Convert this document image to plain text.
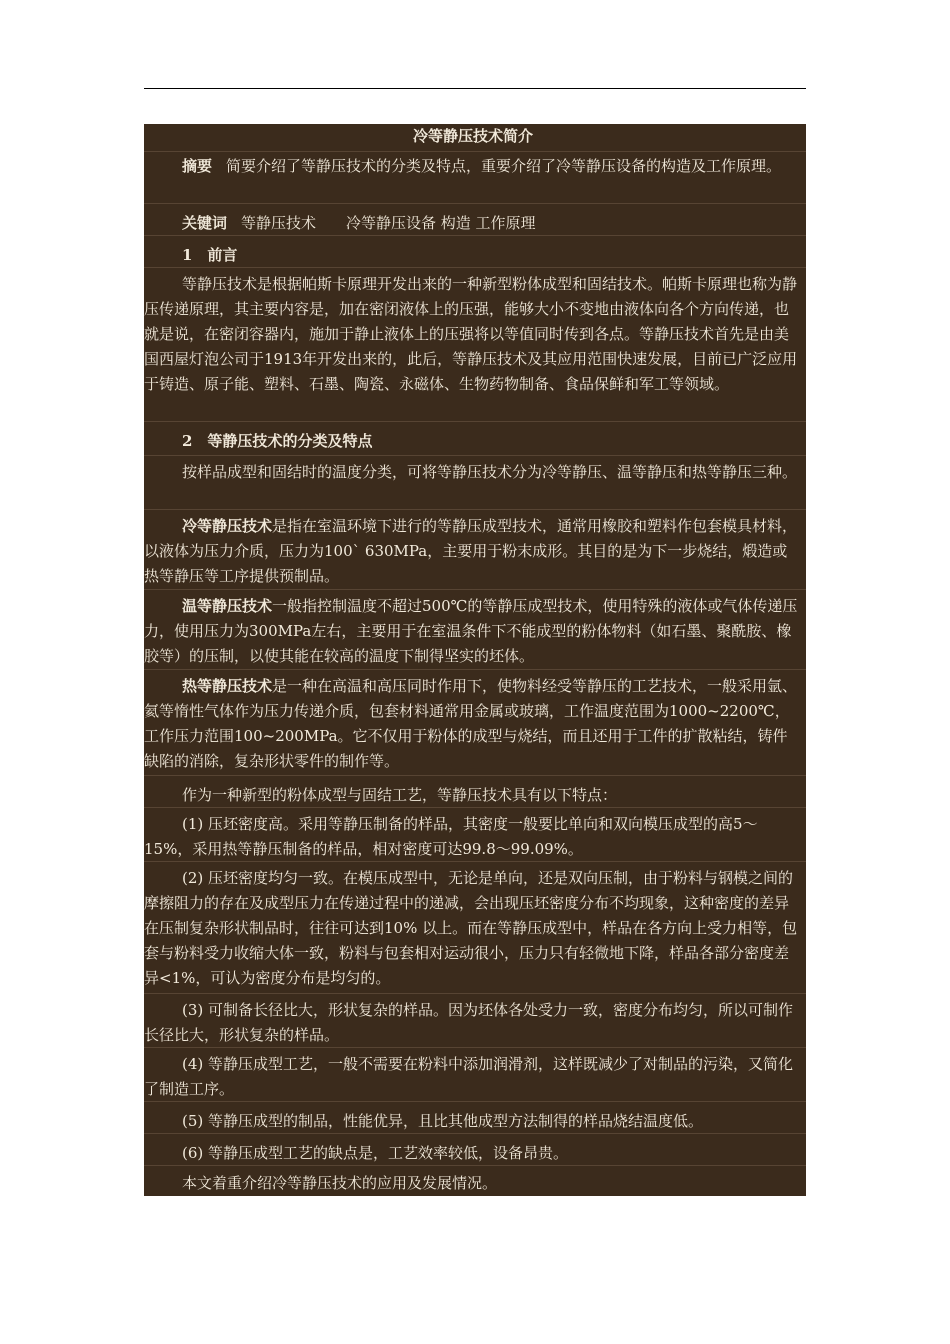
冷等静压技术简介

摘要 简要介绍了等静压技术的分类及特点，重要介绍了冷等静压设备的构造及工作原理。

关键词 等静压技术　　冷等静压设备 构造 工作原理

1　前言

等静压技术是根据帕斯卡原理开发出来的一种新型粉体成型和固结技术。帕斯卡原理也称为静压传递原理，其主要内容是，加在密闭液体上的压强，能够大小不变地由液体向各个方向传递，也就是说，在密闭容器内，施加于静止液体上的压强将以等值同时传到各点。等静压技术首先是由美国西屋灯泡公司于1913年开发出来的，此后，等静压技术及其应用范围快速发展，目前已广泛应用于铸造、原子能、塑料、石墨、陶瓷、永磁体、生物药物制备、食品保鲜和军工等领域。

2　等静压技术的分类及特点

按样品成型和固结时的温度分类，可将等静压技术分为冷等静压、温等静压和热等静压三种。

冷等静压技术是指在室温环境下进行的等静压成型技术，通常用橡胶和塑料作包套模具材料，以液体为压力介质，压力为100` 630MPa，主要用于粉末成形。其目的是为下一步烧结，煅造或热等静压等工序提供预制品。

温等静压技术一般指控制温度不超过500℃的等静压成型技术，使用特殊的液体或气体传递压力，使用压力为300MPa左右，主要用于在室温条件下不能成型的粉体物料（如石墨、聚酰胺、橡胶等）的压制，以使其能在较高的温度下制得坚实的坯体。

热等静压技术是一种在高温和高压同时作用下，使物料经受等静压的工艺技术，一般采用氩、氦等惰性气体作为压力传递介质，包套材料通常用金属或玻璃，工作温度范围为1000~2200℃，工作压力范围100~200MPa。它不仅用于粉体的成型与烧结，而且还用于工件的扩散粘结，铸件缺陷的消除，复杂形状零件的制作等。

作为一种新型的粉体成型与固结工艺，等静压技术具有以下特点：

(1) 压坯密度高。采用等静压制备的样品，其密度一般要比单向和双向模压成型的高5～15%，采用热等静压制备的样品，相对密度可达99.8～99.09%。

(2) 压坯密度均匀一致。在模压成型中，无论是单向，还是双向压制，由于粉料与钢模之间的摩擦阻力的存在及成型压力在传递过程中的递减，会出现压坯密度分布不均现象，这种密度的差异在压制复杂形状制品时，往往可达到10% 以上。而在等静压成型中，样品在各方向上受力相等，包套与粉料受力收缩大体一致，粉料与包套相对运动很小，压力只有轻微地下降，样品各部分密度差异<1%，可认为密度分布是均匀的。

(3) 可制备长径比大，形状复杂的样品。因为坯体各处受力一致，密度分布均匀，所以可制作长径比大，形状复杂的样品。

(4) 等静压成型工艺，一般不需要在粉料中添加润滑剂，这样既减少了对制品的污染，又简化了制造工序。

(5) 等静压成型的制品，性能优异，且比其他成型方法制得的样品烧结温度低。

(6) 等静压成型工艺的缺点是，工艺效率较低，设备昂贵。

本文着重介绍冷等静压技术的应用及发展情况。
